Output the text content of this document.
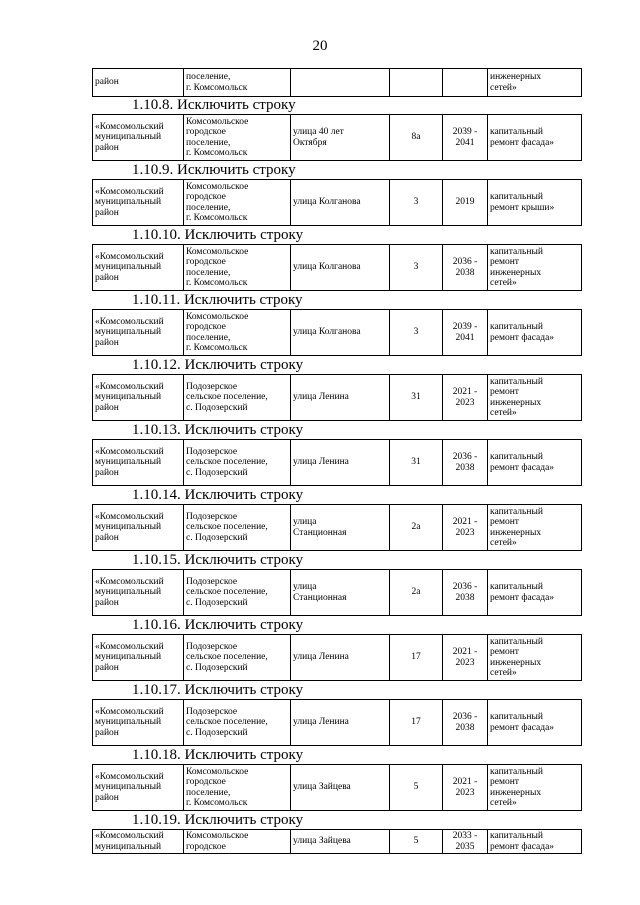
20
район	поселение,
г. Комсомольск				инженерных
сетей»
1.10.8. Исключить строку
«Комсомольский
муниципальный
район	Комсомольское
городское
поселение,
г. Комсомольск	улица 40 лет
Октября	8а	2039 -
2041	капитальный
ремонт фасада»
1.10.9. Исключить строку
«Комсомольский
муниципальный
район	Комсомольское
городское
поселение,
г. Комсомольск	улица Колганова	3	2019	капитальный
ремонт крыши»
1.10.10. Исключить строку
«Комсомольский
муниципальный
район	Комсомольское
городское
поселение,
г. Комсомольск	улица Колганова	3	2036 -
2038	капитальный
ремонт
инженерных
сетей»
1.10.11. Исключить строку
«Комсомольский
муниципальный
район	Комсомольское
городское
поселение,
г. Комсомольск	улица Колганова	3	2039 -
2041	капитальный
ремонт фасада»
1.10.12. Исключить строку
«Комсомольский
муниципальный
район	Подозерское
сельское поселение,
с. Подозерский	улица Ленина	31	2021 -
2023	капитальный
ремонт
инженерных
сетей»
1.10.13. Исключить строку
«Комсомольский
муниципальный
район	Подозерское
сельское поселение,
с. Подозерский	улица Ленина	31	2036 -
2038	капитальный
ремонт фасада»
1.10.14. Исключить строку
«Комсомольский
муниципальный
район	Подозерское
сельское поселение,
с. Подозерский	улица
Станционная	2а	2021 -
2023	капитальный
ремонт
инженерных
сетей»
1.10.15. Исключить строку
«Комсомольский
муниципальный
район	Подозерское
сельское поселение,
с. Подозерский	улица
Станционная	2а	2036 -
2038	капитальный
ремонт фасада»
1.10.16. Исключить строку
«Комсомольский
муниципальный
район	Подозерское
сельское поселение,
с. Подозерский	улица Ленина	17	2021 -
2023	капитальный
ремонт
инженерных
сетей»
1.10.17. Исключить строку
«Комсомольский
муниципальный
район	Подозерское
сельское поселение,
с. Подозерский	улица Ленина	17	2036 -
2038	капитальный
ремонт фасада»
1.10.18. Исключить строку
«Комсомольский
муниципальный
район	Комсомольское
городское
поселение,
г. Комсомольск	улица Зайцева	5	2021 -
2023	капитальный
ремонт
инженерных
сетей»
1.10.19. Исключить строку
«Комсомольский
муниципальный	Комсомольское
городское	улица Зайцева	5	2033 -
2035	капитальный
ремонт фасада»
